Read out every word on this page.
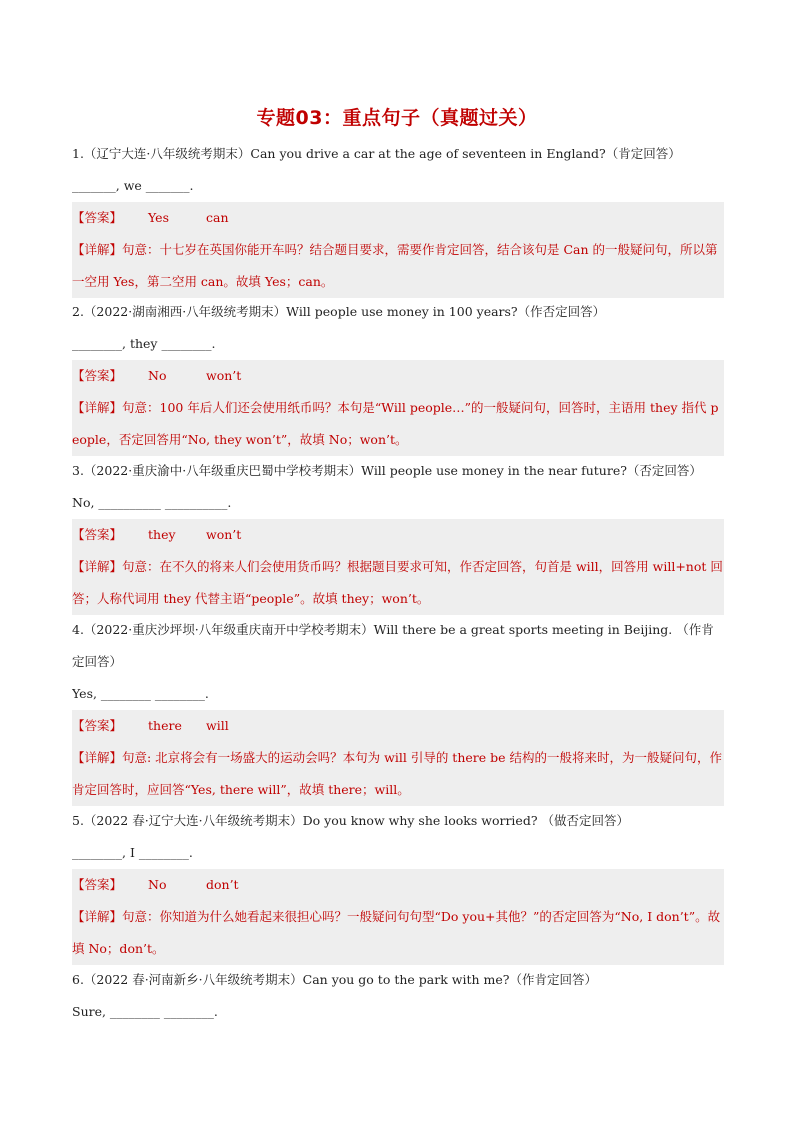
专题03：重点句子（真题过关）
1.（辽宁大连·八年级统考期末）Can you drive a car at the age of seventeen in England?（肯定回答）
_______, we _______.
【答案】 Yes	can
【详解】句意：十七岁在英国你能开车吗？结合题目要求，需要作肯定回答，结合该句是 Can 的一般疑问句，所以第一空用 Yes，第二空用 can。故填 Yes；can。
2.（2022·湖南湘西·八年级统考期末）Will people use money in 100 years?（作否定回答）
________, they ________.
【答案】 No	won’t
【详解】句意：100 年后人们还会使用纸币吗？本句是“Will people…”的一般疑问句，回答时，主语用 they 指代 people，否定回答用“No, they won’t”，故填 No；won’t。
3.（2022·重庆渝中·八年级重庆巴蜀中学校考期末）Will people use money in the near future?（否定回答）
No, __________ __________.
【答案】 they won’t
【详解】句意：在不久的将来人们会使用货币吗？根据题目要求可知，作否定回答，句首是 will，回答用 will+not 回答；人称代词用 they 代替主语“people”。故填 they；won’t。
4.（2022·重庆沙坪坝·八年级重庆南开中学校考期末）Will there be a great sports meeting in Beijing. （作肯定回答）
Yes, ________ ________.
【答案】 there will
【详解】句意: 北京将会有一场盛大的运动会吗？本句为 will 引导的 there be 结构的一般将来时，为一般疑问句，作肯定回答时，应回答“Yes, there will”，故填 there；will。
5.（2022 春·辽宁大连·八年级统考期末）Do you know why she looks worried? （做否定回答）
________, I ________.
【答案】 No	don’t
【详解】句意：你知道为什么她看起来很担心吗？一般疑问句句型“Do you+其他？”的否定回答为“No, I don’t”。故填 No；don’t。
6.（2022 春·河南新乡·八年级统考期末）Can you go to the park with me?（作肯定回答）
Sure, ________ ________.
